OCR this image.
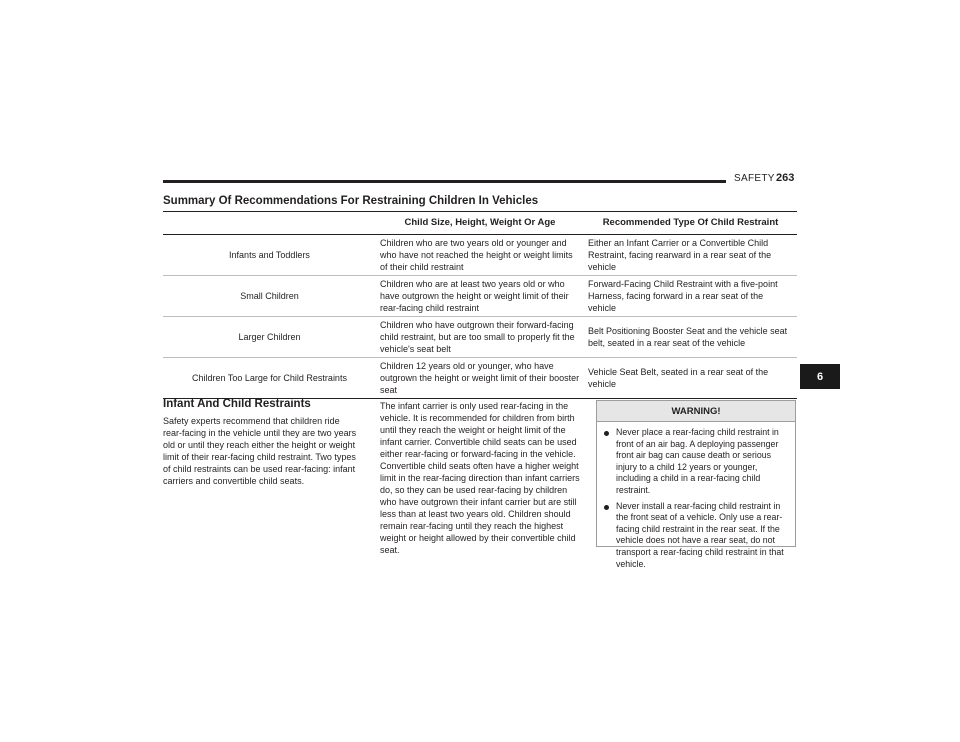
SAFETY 263
Summary Of Recommendations For Restraining Children In Vehicles
	Child Size, Height, Weight Or Age	Recommended Type Of Child Restraint
Infants and Toddlers	Children who are two years old or younger and who have not reached the height or weight limits of their child restraint	Either an Infant Carrier or a Convertible Child Restraint, facing rearward in a rear seat of the vehicle
Small Children	Children who are at least two years old or who have outgrown the height or weight limit of their rear-facing child restraint	Forward-Facing Child Restraint with a five-point Harness, facing forward in a rear seat of the vehicle
Larger Children	Children who have outgrown their forward-facing child restraint, but are too small to properly fit the vehicle's seat belt	Belt Positioning Booster Seat and the vehicle seat belt, seated in a rear seat of the vehicle
Children Too Large for Child Restraints	Children 12 years old or younger, who have outgrown the height or weight limit of their booster seat	Vehicle Seat Belt, seated in a rear seat of the vehicle
6
Infant And Child Restraints
Safety experts recommend that children ride rear-facing in the vehicle until they are two years old or until they reach either the height or weight limit of their rear-facing child restraint. Two types of child restraints can be used rear-facing: infant carriers and convertible child seats.
The infant carrier is only used rear-facing in the vehicle. It is recommended for children from birth until they reach the weight or height limit of the infant carrier. Convertible child seats can be used either rear-facing or forward-facing in the vehicle. Convertible child seats often have a higher weight limit in the rear-facing direction than infant carriers do, so they can be used rear-facing by children who have outgrown their infant carrier but are still less than at least two years old. Children should remain rear-facing until they reach the highest weight or height allowed by their convertible child seat.
WARNING!
Never place a rear-facing child restraint in front of an air bag. A deploying passenger front air bag can cause death or serious injury to a child 12 years or younger, including a child in a rear-facing child restraint.
Never install a rear-facing child restraint in the front seat of a vehicle. Only use a rear-facing child restraint in the rear seat. If the vehicle does not have a rear seat, do not transport a rear-facing child restraint in that vehicle.
